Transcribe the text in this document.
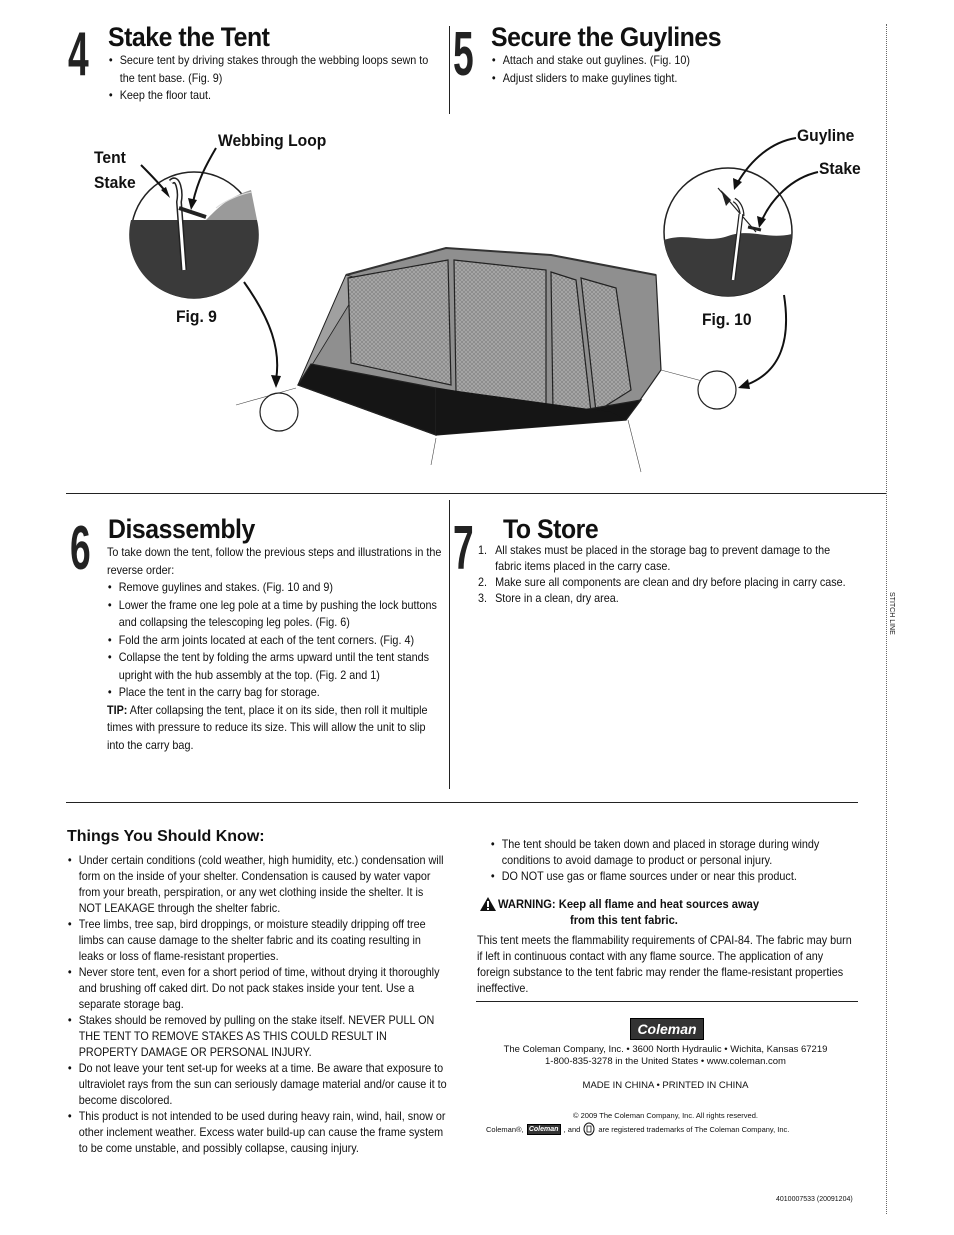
STITCH LINE
4 Stake the Tent
• Secure tent by driving stakes through the webbing loops sewn to the tent base. (Fig. 9)
• Keep the floor taut.
5 Secure the Guylines
• Attach and stake out guylines. (Fig. 10)
• Adjust sliders to make guylines tight.
Tent
Stake
Webbing Loop
Fig. 9
Guyline
Stake
Fig. 10
6 Disassembly
To take down the tent, follow the previous steps and illustrations in the reverse order:
• Remove guylines and stakes. (Fig. 10 and 9)
• Lower the frame one leg pole at a time by pushing the lock buttons and collapsing the telescoping leg poles. (Fig. 6)
• Fold the arm joints located at each of the tent corners. (Fig. 4)
• Collapse the tent by folding the arms upward until the tent stands upright with the hub assembly at the top. (Fig. 2 and 1)
• Place the tent in the carry bag for storage.
TIP: After collapsing the tent, place it on its side, then roll it multiple times with pressure to reduce its size. This will allow the unit to slip into the carry bag.
7 To Store
1. All stakes must be placed in the storage bag to prevent damage to the fabric items placed in the carry case.
2. Make sure all components are clean and dry before placing in carry case.
3. Store in a clean, dry area.
Things You Should Know:
• Under certain conditions (cold weather, high humidity, etc.) condensation will form on the inside of your shelter. Condensation is caused by water vapor from your breath, perspiration, or any wet clothing inside the shelter. It is NOT LEAKAGE through the shelter fabric.
• Tree limbs, tree sap, bird droppings, or moisture steadily dripping off tree limbs can cause damage to the shelter fabric and its coating resulting in leaks or loss of flame-resistant properties.
• Never store tent, even for a short period of time, without drying it thoroughly and brushing off caked dirt. Do not pack stakes inside your tent. Use a separate storage bag.
• Stakes should be removed by pulling on the stake itself. NEVER PULL ON THE TENT TO REMOVE STAKES AS THIS COULD RESULT IN PROPERTY DAMAGE OR PERSONAL INJURY.
• Do not leave your tent set-up for weeks at a time. Be aware that exposure to ultraviolet rays from the sun can seriously damage material and/or cause it to become discolored.
• This product is not intended to be used during heavy rain, wind, hail, snow or other inclement weather. Excess water build-up can cause the frame system to be come unstable, and possibly collapse, causing injury.
• The tent should be taken down and placed in storage during windy conditions to avoid damage to product or personal injury.
• DO NOT use gas or flame sources under or near this product.
WARNING: Keep all flame and heat sources away
from this tent fabric.
This tent meets the flammability requirements of CPAI-84. The fabric may burn if left in continuous contact with any flame source. The application of any foreign substance to the tent fabric may render the flame-resistant properties ineffective.
Coleman
The Coleman Company, Inc. • 3600 North Hydraulic • Wichita, Kansas 67219
1-800-835-3278 in the United States • www.coleman.com
MADE IN CHINA • PRINTED IN CHINA
© 2009 The Coleman Company, Inc. All rights reserved.
Coleman®, Coleman , and are registered trademarks of The Coleman Company, Inc.
4010007533 (20091204)
